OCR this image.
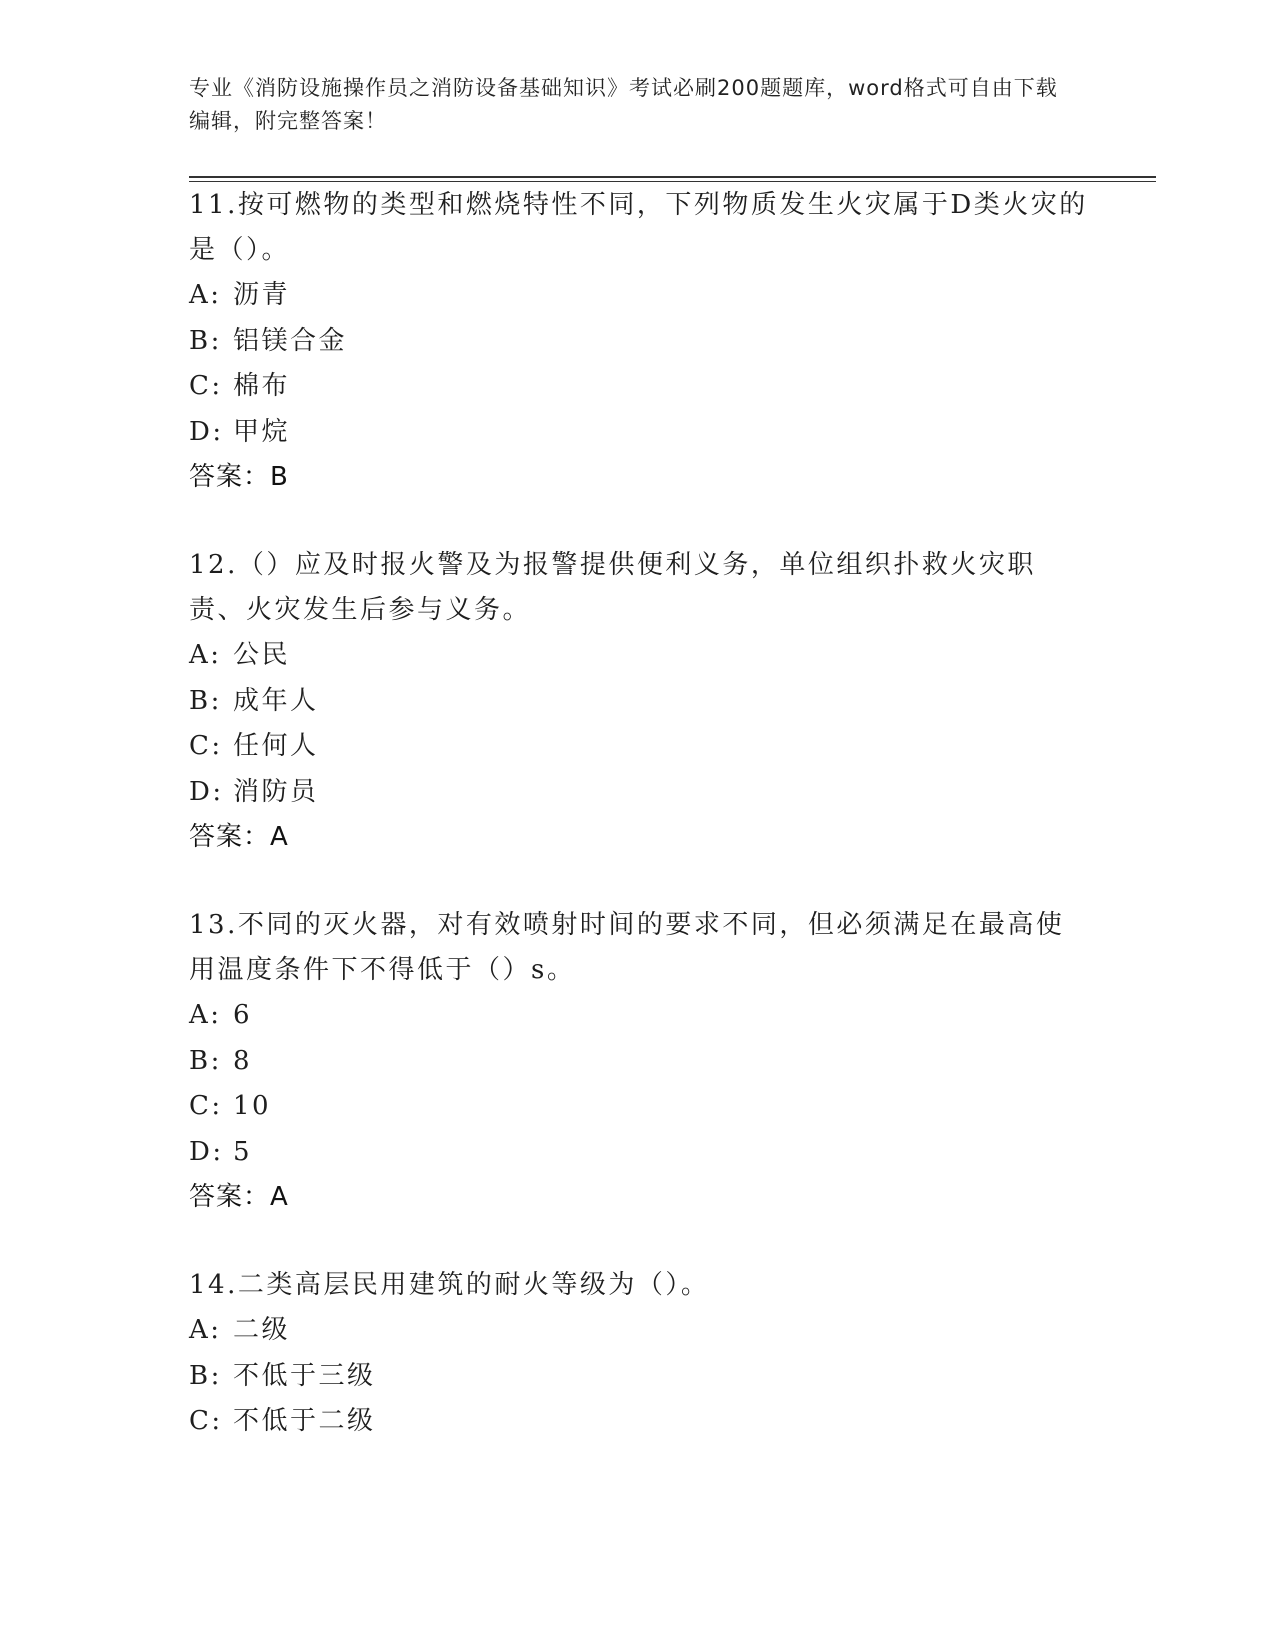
专业《消防设施操作员之消防设备基础知识》考试必刷200题题库，word格式可自由下载编辑，附完整答案！

11.按可燃物的类型和燃烧特性不同，下列物质发生火灾属于D类火灾的是（）。

A: 沥青

B: 铝镁合金

C: 棉布

D: 甲烷

答案：B

12.（）应及时报火警及为报警提供便利义务，单位组织扑救火灾职责、火灾发生后参与义务。

A: 公民

B: 成年人

C: 任何人

D: 消防员

答案：A

13.不同的灭火器，对有效喷射时间的要求不同，但必须满足在最高使用温度条件下不得低于（）s。

A: 6

B: 8

C: 10

D: 5

答案：A

14.二类高层民用建筑的耐火等级为（）。

A: 二级

B: 不低于三级

C: 不低于二级
